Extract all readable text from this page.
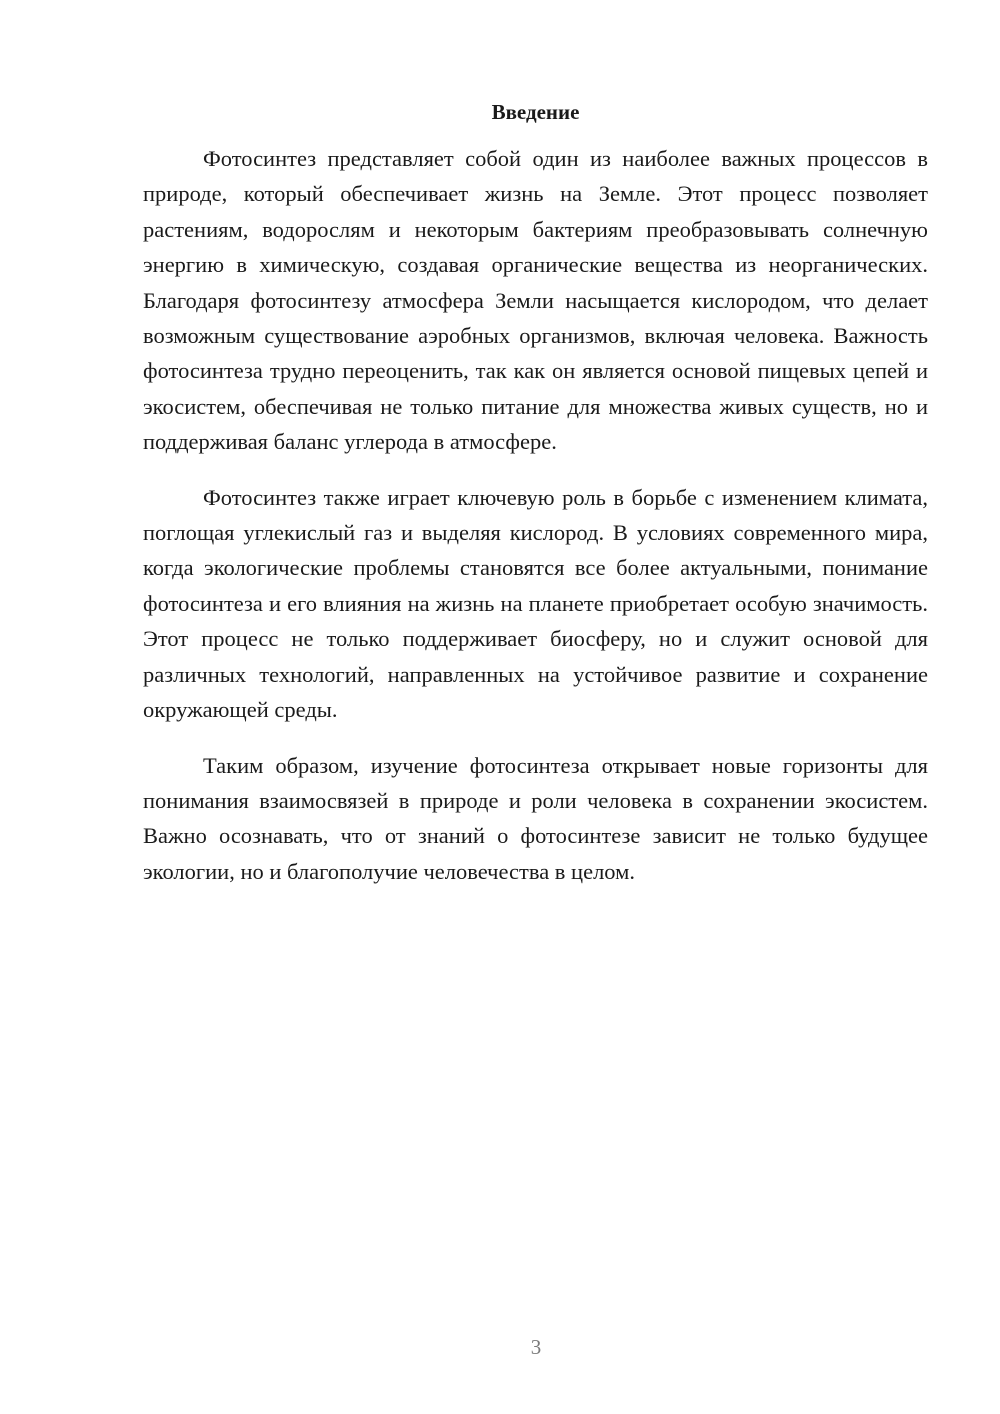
Введение

Фотосинтез представляет собой один из наиболее важных процессов в природе, который обеспечивает жизнь на Земле. Этот процесс позволяет растениям, водорослям и некоторым бактериям преобразовывать солнечную энергию в химическую, создавая органические вещества из неорганических. Благодаря фотосинтезу атмосфера Земли насыщается кислородом, что делает возможным существование аэробных организмов, включая человека. Важность фотосинтеза трудно переоценить, так как он является основой пищевых цепей и экосистем, обеспечивая не только питание для множества живых существ, но и поддерживая баланс углерода в атмосфере.

Фотосинтез также играет ключевую роль в борьбе с изменением климата, поглощая углекислый газ и выделяя кислород. В условиях современного мира, когда экологические проблемы становятся все более актуальными, понимание фотосинтеза и его влияния на жизнь на планете приобретает особую значимость. Этот процесс не только поддерживает биосферу, но и служит основой для различных технологий, направленных на устойчивое развитие и сохранение окружающей среды.

Таким образом, изучение фотосинтеза открывает новые горизонты для понимания взаимосвязей в природе и роли человека в сохранении экосистем. Важно осознавать, что от знаний о фотосинтезе зависит не только будущее экологии, но и благополучие человечества в целом.

3
